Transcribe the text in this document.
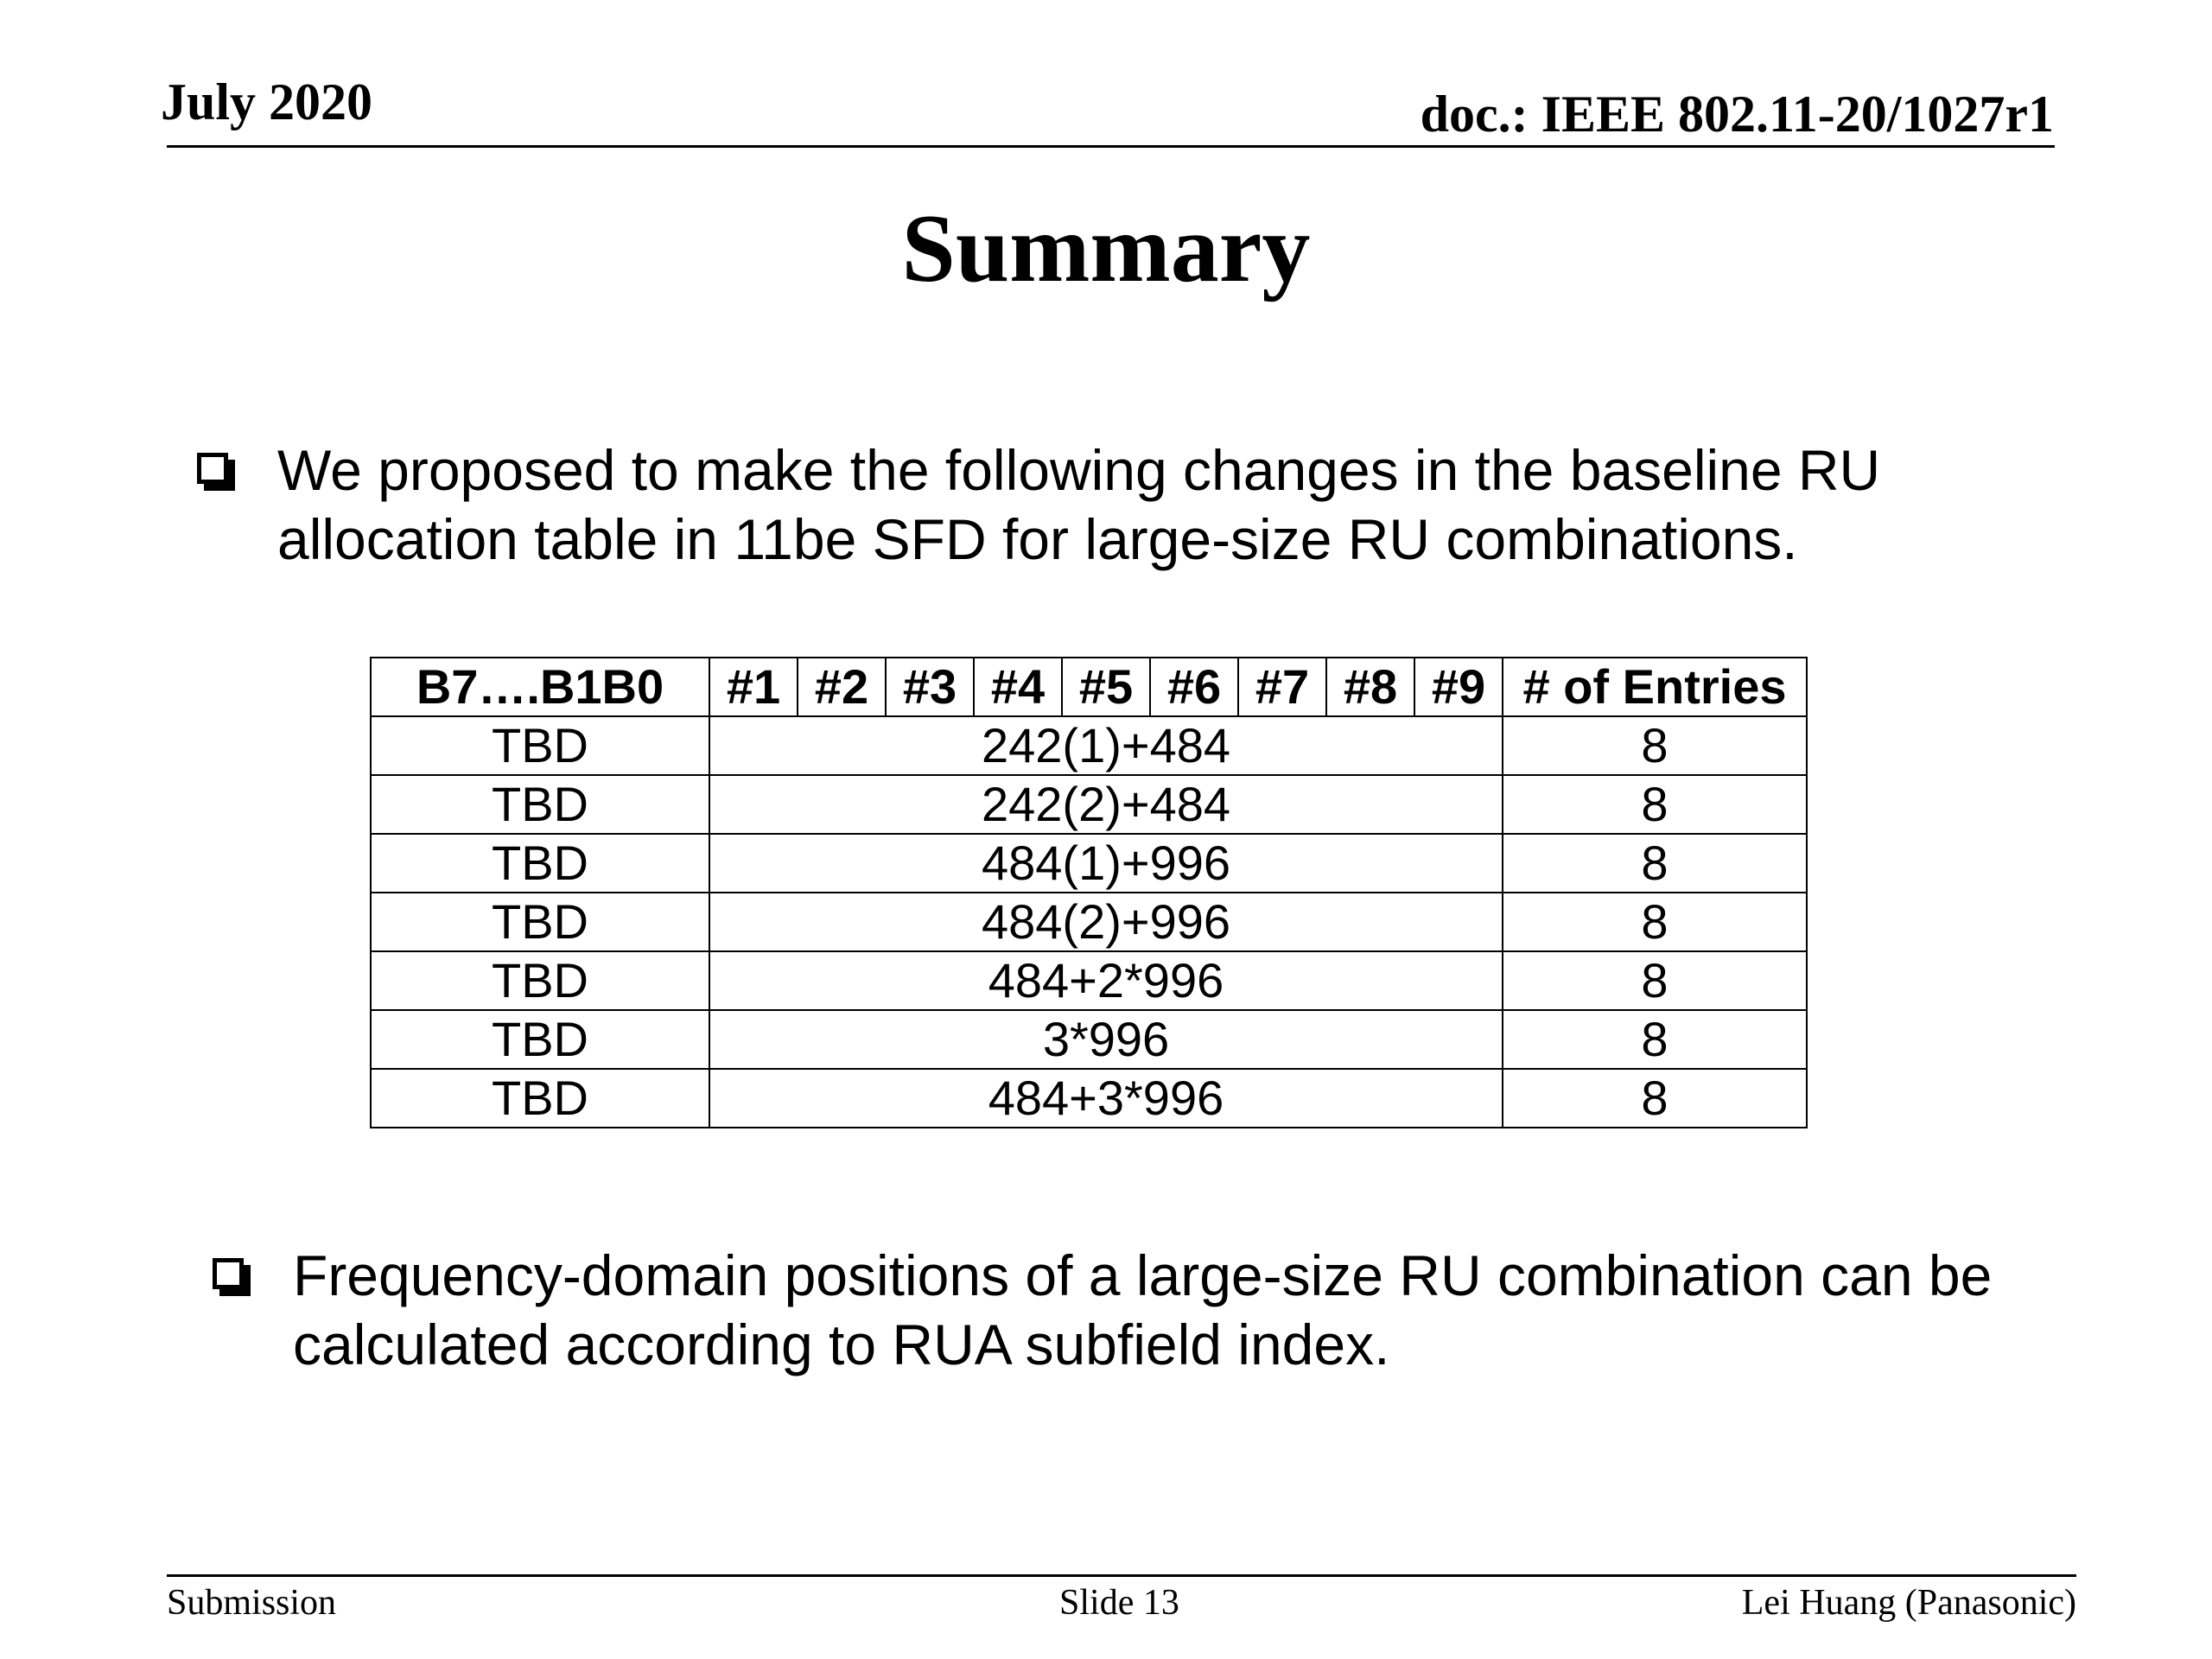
July 2020	doc.: IEEE 802.11-20/1027r1
Summary
We proposed to make the following changes in the baseline RU allocation table in 11be SFD for large-size RU combinations.
B7….B1B0	#1	#2	#3	#4	#5	#6	#7	#8	#9	# of Entries
TBD	242(1)+484									8
TBD	242(2)+484									8
TBD	484(1)+996									8
TBD	484(2)+996									8
TBD	484+2*996									8
TBD	3*996									8
TBD	484+3*996									8
Frequency-domain positions of a large-size RU combination can be calculated according to RUA subfield index.
Submission	Slide 13	Lei Huang (Panasonic)
